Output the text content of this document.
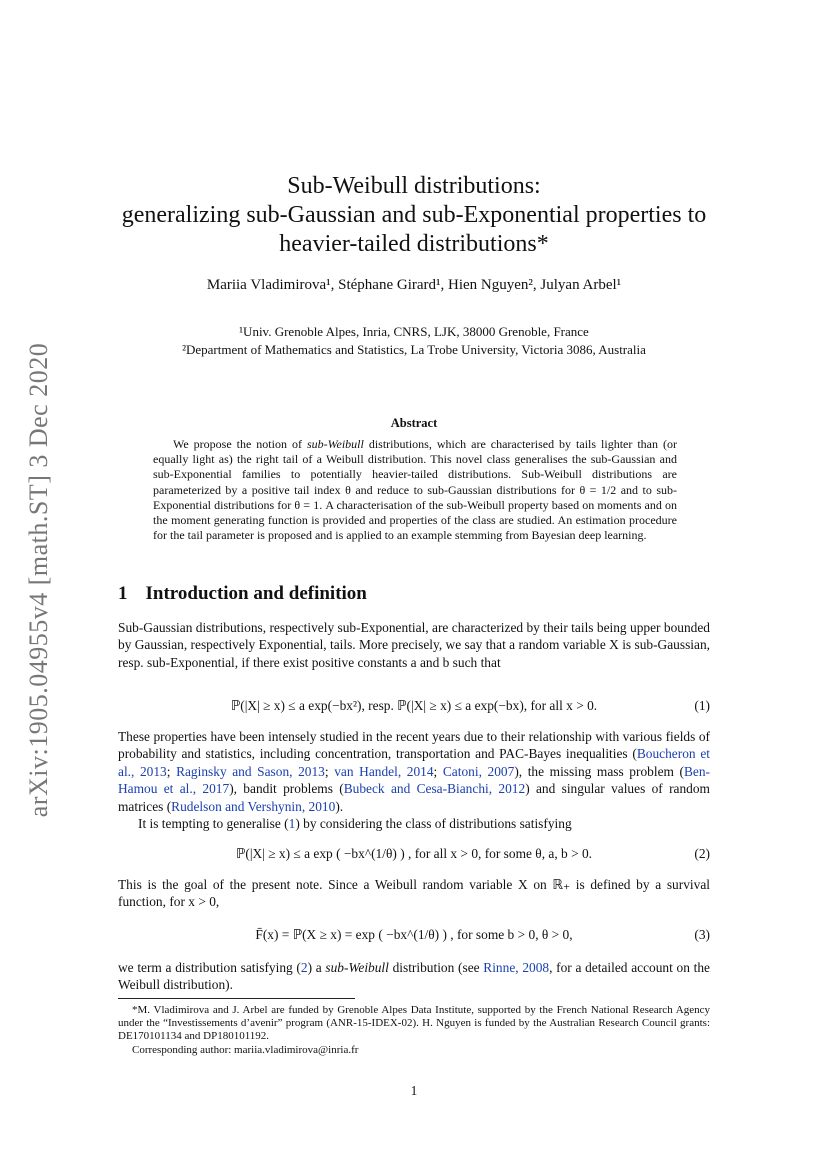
arXiv:1905.04955v4 [math.ST] 3 Dec 2020
Sub-Weibull distributions:
generalizing sub-Gaussian and sub-Exponential properties to
heavier-tailed distributions*
Mariia Vladimirova¹, Stéphane Girard¹, Hien Nguyen², Julyan Arbel¹
¹Univ. Grenoble Alpes, Inria, CNRS, LJK, 38000 Grenoble, France
²Department of Mathematics and Statistics, La Trobe University, Victoria 3086, Australia
Abstract

We propose the notion of sub-Weibull distributions, which are characterised by tails lighter than (or equally light as) the right tail of a Weibull distribution. This novel class generalises the sub-Gaussian and sub-Exponential families to potentially heavier-tailed distributions. Sub-Weibull distributions are parameterized by a positive tail index θ and reduce to sub-Gaussian distributions for θ = 1/2 and to sub-Exponential distributions for θ = 1. A characterisation of the sub-Weibull property based on moments and on the moment generating function is provided and properties of the class are studied. An estimation procedure for the tail parameter is proposed and is applied to an example stemming from Bayesian deep learning.

1 Introduction and definition

Sub-Gaussian distributions, respectively sub-Exponential, are characterized by their tails being upper bounded by Gaussian, respectively Exponential, tails. More precisely, we say that a random variable X is sub-Gaussian, resp. sub-Exponential, if there exist positive constants a and b such that

ℙ(|X| ≥ x) ≤ a exp(−bx²), resp. ℙ(|X| ≥ x) ≤ a exp(−bx), for all x > 0.	(1)

These properties have been intensely studied in the recent years due to their relationship with various fields of probability and statistics, including concentration, transportation and PAC-Bayes inequalities (Boucheron et al., 2013; Raginsky and Sason, 2013; van Handel, 2014; Catoni, 2007), the missing mass problem (Ben-Hamou et al., 2017), bandit problems (Bubeck and Cesa-Bianchi, 2012) and singular values of random matrices (Rudelson and Vershynin, 2010).

It is tempting to generalise (1) by considering the class of distributions satisfying

ℙ(|X| ≥ x) ≤ a exp ( −bx^(1/θ) ) , for all x > 0, for some θ, a, b > 0.	(2)

This is the goal of the present note. Since a Weibull random variable X on ℝ₊ is defined by a survival function, for x > 0,

F̄(x) = ℙ(X ≥ x) = exp ( −bx^(1/θ) ) , for some b > 0, θ > 0,	(3)

we term a distribution satisfying (2) a sub-Weibull distribution (see Rinne, 2008, for a detailed account on the Weibull distribution).

*M. Vladimirova and J. Arbel are funded by Grenoble Alpes Data Institute, supported by the French National Research Agency under the “Investissements d’avenir” program (ANR-15-IDEX-02). H. Nguyen is funded by the Australian Research Council grants: DE170101134 and DP180101192.

Corresponding author: mariia.vladimirova@inria.fr

1
